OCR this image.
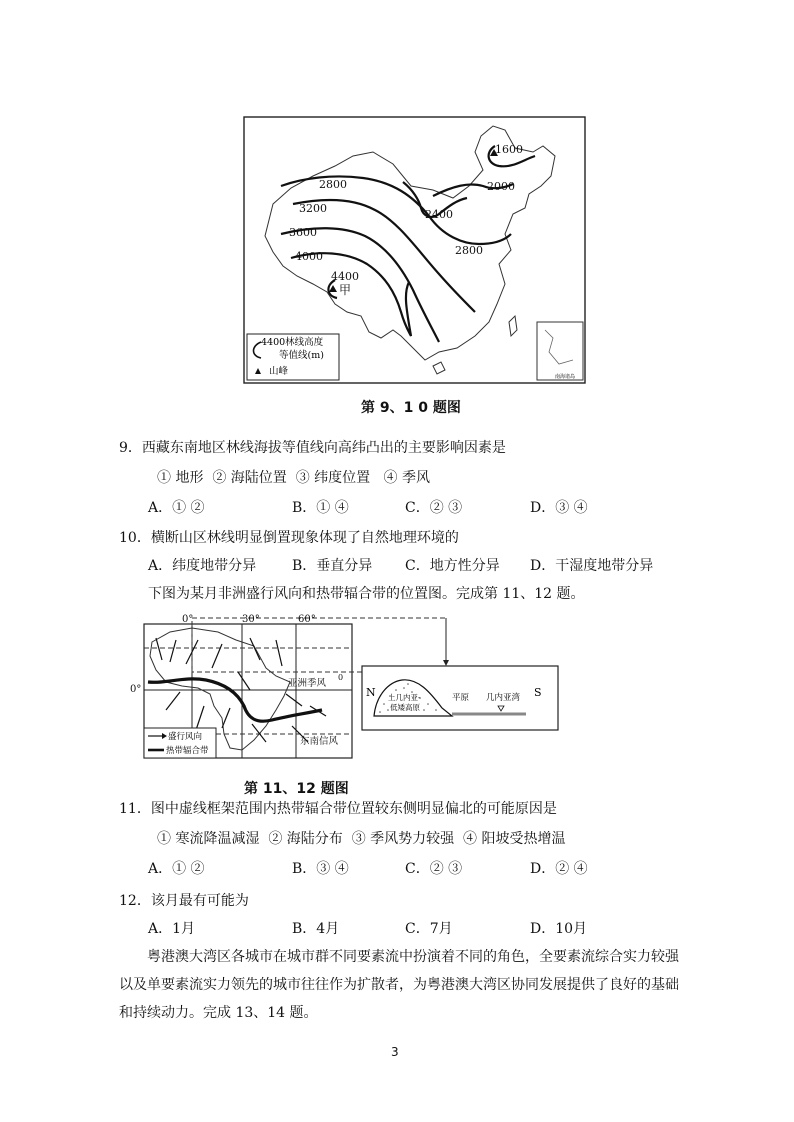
1600
2000
2400
2800
2800
3200
3600
4000
4400
甲
4400林线高度
等值线(m)
山峰	南海诸岛
第 9、1 0 题图
9．西藏东南地区林线海拔等值线向高纬凸出的主要影响因素是
① 地形  ② 海陆位置  ③ 纬度位置   ④ 季风
A．① ②	B．① ④	C．② ③	D．③ ④
10．横断山区林线明显倒置现象体现了自然地理环境的
A．纬度地带分异	B．垂直分异 C．地方性分异 D．干湿度地带分异
下图为某月非洲盛行风向和热带辐合带的位置图。完成第 11、12 题。
盛行风向
热带辐合带
0°	30°	60°
0°
亚洲季风
0
东南信风
N	S
上几内亚-
低矮高原
平原 几内亚湾
第 11、12 题图
11．图中虚线框架范围内热带辐合带位置较东侧明显偏北的可能原因是
① 寒流降温减湿  ② 海陆分布  ③ 季风势力较强  ④ 阳坡受热增温
A．① ②	B．③ ④	C．② ③	D．② ④
12．该月最有可能为
A．1月	B．4月	C．7月	D．10月
粤港澳大湾区各城市在城市群不同要素流中扮演着不同的角色，全要素流综合实力较强以及单要素流实力领先的城市往往作为扩散者，为粤港澳大湾区协同发展提供了良好的基础和持续动力。完成 13、14 题。
3
